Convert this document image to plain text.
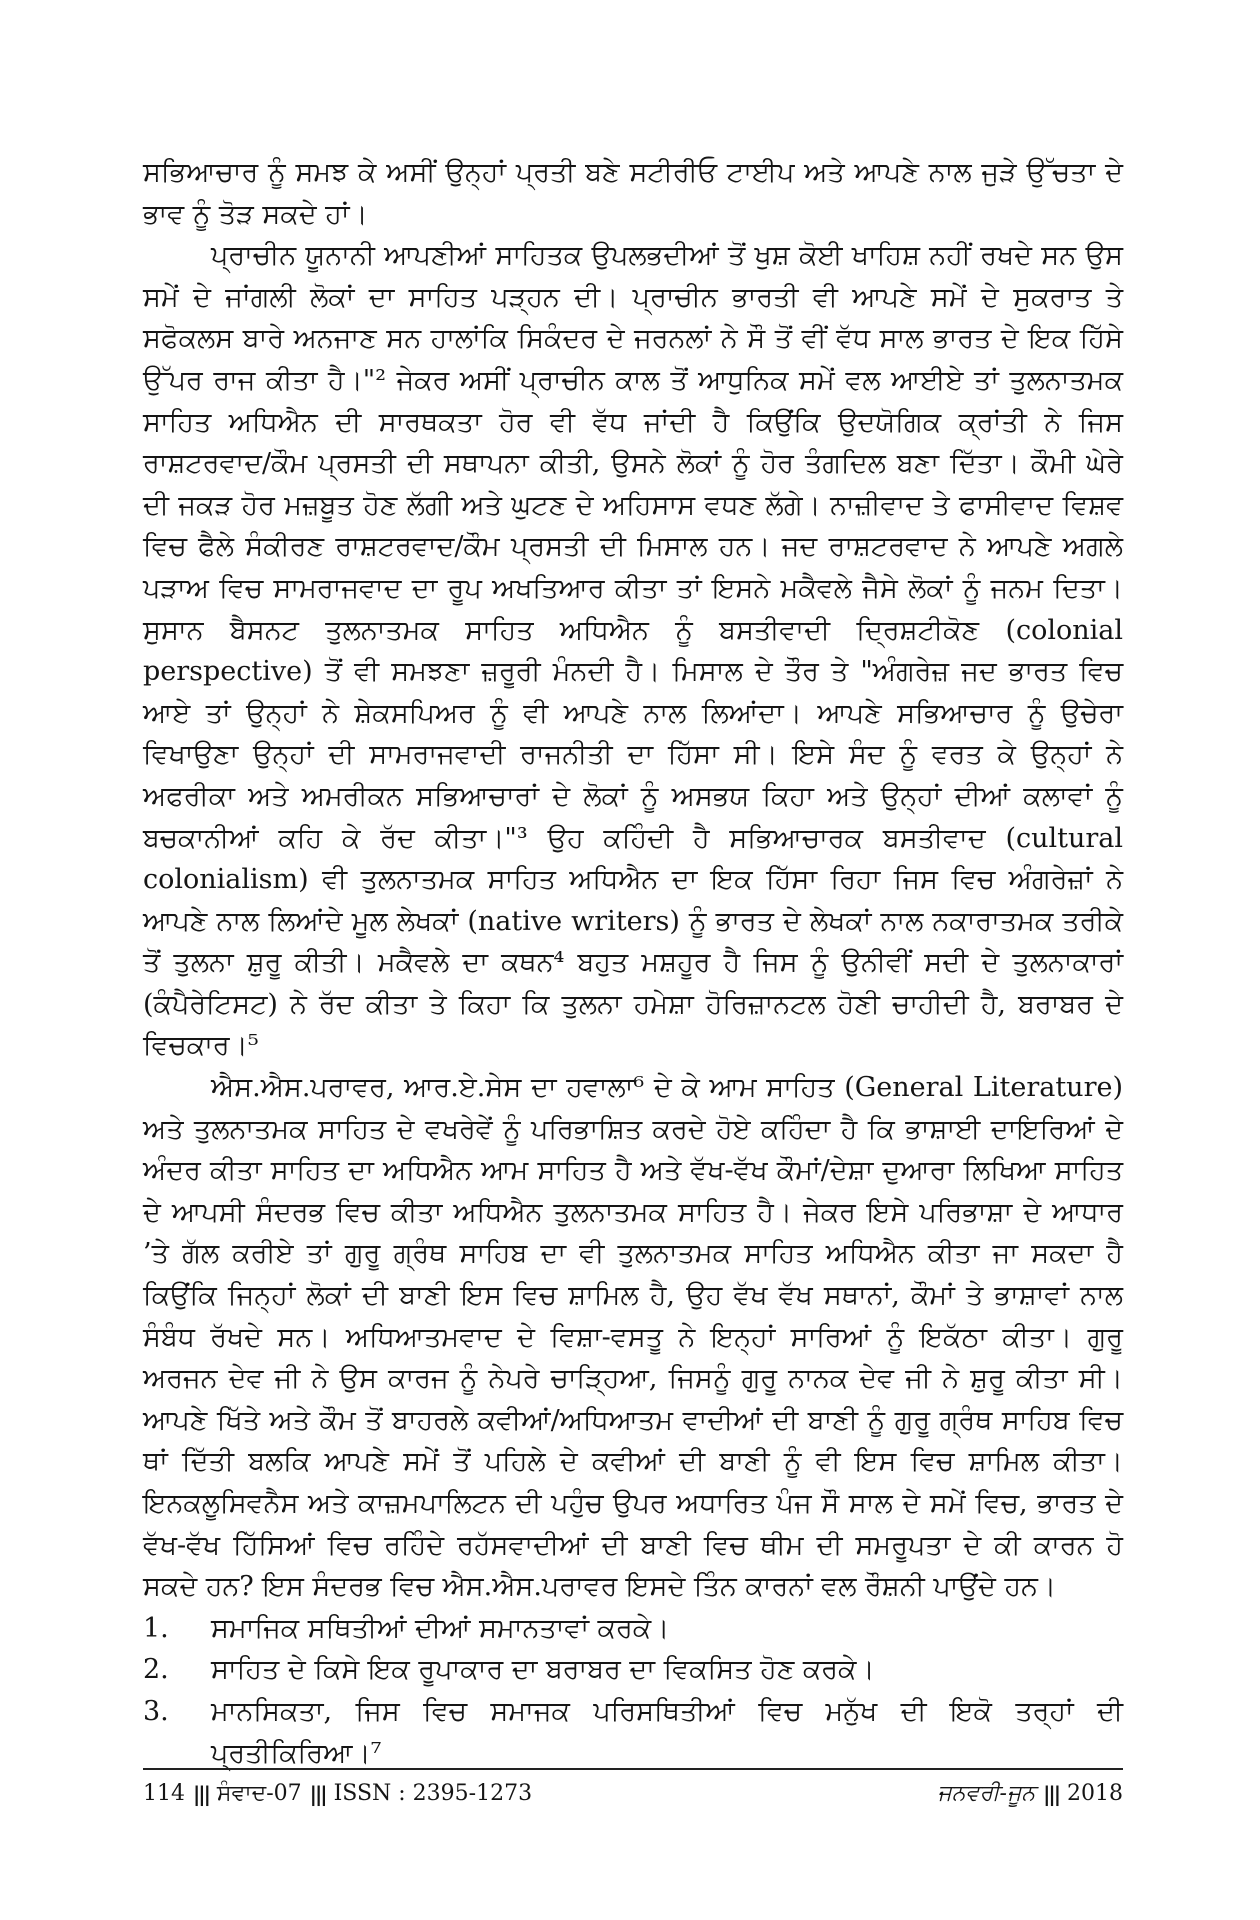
ਸਭਿਆਚਾਰ ਨੂੰ ਸਮਝ ਕੇ ਅਸੀਂ ਉਨ੍ਹਾਂ ਪ੍ਰਤੀ ਬਣੇ ਸਟੀਰੀਓ ਟਾਈਪ ਅਤੇ ਆਪਣੇ ਨਾਲ ਜੁੜੇ ਉੱਚਤਾ ਦੇ ਭਾਵ ਨੂੰ ਤੋੜ ਸਕਦੇ ਹਾਂ।

ਪ੍ਰਾਚੀਨ ਯੂਨਾਨੀ ਆਪਣੀਆਂ ਸਾਹਿਤਕ ਉਪਲਭਦੀਆਂ ਤੋਂ ਖੁਸ਼ ਕੋਈ ਖਾਹਿਸ਼ ਨਹੀਂ ਰਖਦੇ ਸਨ ਉਸ ਸਮੇਂ ਦੇ ਜਾਂਗਲੀ ਲੋਕਾਂ ਦਾ ਸਾਹਿਤ ਪੜ੍ਹਨ ਦੀ। ਪ੍ਰਾਚੀਨ ਭਾਰਤੀ ਵੀ ਆਪਣੇ ਸਮੇਂ ਦੇ ਸੁਕਰਾਤ ਤੇ ਸਫੋਕਲਸ ਬਾਰੇ ਅਨਜਾਣ ਸਨ ਹਾਲਾਂਕਿ ਸਿਕੰਦਰ ਦੇ ਜਰਨਲਾਂ ਨੇ ਸੌ ਤੋਂ ਵੀਂ ਵੱਧ ਸਾਲ ਭਾਰਤ ਦੇ ਇਕ ਹਿੱਸੇ ਉੱਪਰ ਰਾਜ ਕੀਤਾ ਹੈ।"² ਜੇਕਰ ਅਸੀਂ ਪ੍ਰਾਚੀਨ ਕਾਲ ਤੋਂ ਆਧੁਨਿਕ ਸਮੇਂ ਵਲ ਆਈਏ ਤਾਂ ਤੁਲਨਾਤਮਕ ਸਾਹਿਤ ਅਧਿਐਨ ਦੀ ਸਾਰਥਕਤਾ ਹੋਰ ਵੀ ਵੱਧ ਜਾਂਦੀ ਹੈ ਕਿਉਂਕਿ ਉਦਯੋਗਿਕ ਕ੍ਰਾਂਤੀ ਨੇ ਜਿਸ ਰਾਸ਼ਟਰਵਾਦ/ਕੌਮ ਪ੍ਰਸਤੀ ਦੀ ਸਥਾਪਨਾ ਕੀਤੀ, ਉਸਨੇ ਲੋਕਾਂ ਨੂੰ ਹੋਰ ਤੰਗਦਿਲ ਬਣਾ ਦਿੱਤਾ। ਕੌਮੀ ਘੇਰੇ ਦੀ ਜਕੜ ਹੋਰ ਮਜ਼ਬੂਤ ਹੋਣ ਲੱਗੀ ਅਤੇ ਘੁਟਣ ਦੇ ਅਹਿਸਾਸ ਵਧਣ ਲੱਗੇ। ਨਾਜ਼ੀਵਾਦ ਤੇ ਫਾਸੀਵਾਦ ਵਿਸ਼ਵ ਵਿਚ ਫੈਲੇ ਸੰਕੀਰਣ ਰਾਸ਼ਟਰਵਾਦ/ਕੌਮ ਪ੍ਰਸਤੀ ਦੀ ਮਿਸਾਲ ਹਨ। ਜਦ ਰਾਸ਼ਟਰਵਾਦ ਨੇ ਆਪਣੇ ਅਗਲੇ ਪੜਾਅ ਵਿਚ ਸਾਮਰਾਜਵਾਦ ਦਾ ਰੂਪ ਅਖਤਿਆਰ ਕੀਤਾ ਤਾਂ ਇਸਨੇ ਮਕੈਵਲੇ ਜੈਸੇ ਲੋਕਾਂ ਨੂੰ ਜਨਮ ਦਿਤਾ। ਸੁਸਾਨ ਬੈਸਨਟ ਤੁਲਨਾਤਮਕ ਸਾਹਿਤ ਅਧਿਐਨ ਨੂੰ ਬਸਤੀਵਾਦੀ ਦ੍ਰਿਸ਼ਟੀਕੋਣ (colonial perspective) ਤੋਂ ਵੀ ਸਮਝਣਾ ਜ਼ਰੂਰੀ ਮੰਨਦੀ ਹੈ। ਮਿਸਾਲ ਦੇ ਤੌਰ ਤੇ "ਅੰਗਰੇਜ਼ ਜਦ ਭਾਰਤ ਵਿਚ ਆਏ ਤਾਂ ਉਨ੍ਹਾਂ ਨੇ ਸ਼ੇਕਸਪਿਅਰ ਨੂੰ ਵੀ ਆਪਣੇ ਨਾਲ ਲਿਆਂਦਾ। ਆਪਣੇ ਸਭਿਆਚਾਰ ਨੂੰ ਉਚੇਰਾ ਵਿਖਾਉਣਾ ਉਨ੍ਹਾਂ ਦੀ ਸਾਮਰਾਜਵਾਦੀ ਰਾਜਨੀਤੀ ਦਾ ਹਿੱਸਾ ਸੀ। ਇਸੇ ਸੰਦ ਨੂੰ ਵਰਤ ਕੇ ਉਨ੍ਹਾਂ ਨੇ ਅਫਰੀਕਾ ਅਤੇ ਅਮਰੀਕਨ ਸਭਿਆਚਾਰਾਂ ਦੇ ਲੋਕਾਂ ਨੂੰ ਅਸਭਯ ਕਿਹਾ ਅਤੇ ਉਨ੍ਹਾਂ ਦੀਆਂ ਕਲਾਵਾਂ ਨੂੰ ਬਚਕਾਨੀਆਂ ਕਹਿ ਕੇ ਰੱਦ ਕੀਤਾ।"³ ਉਹ ਕਹਿੰਦੀ ਹੈ ਸਭਿਆਚਾਰਕ ਬਸਤੀਵਾਦ (cultural colonialism) ਵੀ ਤੁਲਨਾਤਮਕ ਸਾਹਿਤ ਅਧਿਐਨ ਦਾ ਇਕ ਹਿੱਸਾ ਰਿਹਾ ਜਿਸ ਵਿਚ ਅੰਗਰੇਜ਼ਾਂ ਨੇ ਆਪਣੇ ਨਾਲ ਲਿਆਂਦੇ ਮੂਲ ਲੇਖਕਾਂ (native writers) ਨੂੰ ਭਾਰਤ ਦੇ ਲੇਖਕਾਂ ਨਾਲ ਨਕਾਰਾਤਮਕ ਤਰੀਕੇ ਤੋਂ ਤੁਲਨਾ ਸ਼ੁਰੂ ਕੀਤੀ। ਮਕੈਵਲੇ ਦਾ ਕਥਨ⁴ ਬਹੁਤ ਮਸ਼ਹੂਰ ਹੈ ਜਿਸ ਨੂੰ ਉਨੀਵੀਂ ਸਦੀ ਦੇ ਤੁਲਨਾਕਾਰਾਂ (ਕੰਪੈਰੇਟਿਸਟ) ਨੇ ਰੱਦ ਕੀਤਾ ਤੇ ਕਿਹਾ ਕਿ ਤੁਲਨਾ ਹਮੇਸ਼ਾ ਹੋਰਿਜ਼ਾਨਟਲ ਹੋਣੀ ਚਾਹੀਦੀ ਹੈ, ਬਰਾਬਰ ਦੇ ਵਿਚਕਾਰ।⁵

ਐਸ.ਐਸ.ਪਰਾਵਰ, ਆਰ.ਏ.ਸੇਸ ਦਾ ਹਵਾਲਾ⁶ ਦੇ ਕੇ ਆਮ ਸਾਹਿਤ (General Literature) ਅਤੇ ਤੁਲਨਾਤਮਕ ਸਾਹਿਤ ਦੇ ਵਖਰੇਵੇਂ ਨੂੰ ਪਰਿਭਾਸ਼ਿਤ ਕਰਦੇ ਹੋਏ ਕਹਿੰਦਾ ਹੈ ਕਿ ਭਾਸ਼ਾਈ ਦਾਇਰਿਆਂ ਦੇ ਅੰਦਰ ਕੀਤਾ ਸਾਹਿਤ ਦਾ ਅਧਿਐਨ ਆਮ ਸਾਹਿਤ ਹੈ ਅਤੇ ਵੱਖ-ਵੱਖ ਕੌਮਾਂ/ਦੇਸ਼ਾ ਦੁਆਰਾ ਲਿਖਿਆ ਸਾਹਿਤ ਦੇ ਆਪਸੀ ਸੰਦਰਭ ਵਿਚ ਕੀਤਾ ਅਧਿਐਨ ਤੁਲਨਾਤਮਕ ਸਾਹਿਤ ਹੈ। ਜੇਕਰ ਇਸੇ ਪਰਿਭਾਸ਼ਾ ਦੇ ਆਧਾਰ ’ਤੇ ਗੱਲ ਕਰੀਏ ਤਾਂ ਗੁਰੂ ਗ੍ਰੰਥ ਸਾਹਿਬ ਦਾ ਵੀ ਤੁਲਨਾਤਮਕ ਸਾਹਿਤ ਅਧਿਐਨ ਕੀਤਾ ਜਾ ਸਕਦਾ ਹੈ ਕਿਉਂਕਿ ਜਿਨ੍ਹਾਂ ਲੋਕਾਂ ਦੀ ਬਾਣੀ ਇਸ ਵਿਚ ਸ਼ਾਮਿਲ ਹੈ, ਉਹ ਵੱਖ ਵੱਖ ਸਥਾਨਾਂ, ਕੌਮਾਂ ਤੇ ਭਾਸ਼ਾਵਾਂ ਨਾਲ ਸੰਬੰਧ ਰੱਖਦੇ ਸਨ। ਅਧਿਆਤਮਵਾਦ ਦੇ ਵਿਸ਼ਾ-ਵਸਤੂ ਨੇ ਇਨ੍ਹਾਂ ਸਾਰਿਆਂ ਨੂੰ ਇਕੱਠਾ ਕੀਤਾ। ਗੁਰੂ ਅਰਜਨ ਦੇਵ ਜੀ ਨੇ ਉਸ ਕਾਰਜ ਨੂੰ ਨੇਪਰੇ ਚਾੜ੍ਹਿਆ, ਜਿਸਨੂੰ ਗੁਰੂ ਨਾਨਕ ਦੇਵ ਜੀ ਨੇ ਸ਼ੁਰੂ ਕੀਤਾ ਸੀ। ਆਪਣੇ ਖਿੱਤੇ ਅਤੇ ਕੌਮ ਤੋਂ ਬਾਹਰਲੇ ਕਵੀਆਂ/ਅਧਿਆਤਮ ਵਾਦੀਆਂ ਦੀ ਬਾਣੀ ਨੂੰ ਗੁਰੂ ਗ੍ਰੰਥ ਸਾਹਿਬ ਵਿਚ ਥਾਂ ਦਿੱਤੀ ਬਲਕਿ ਆਪਣੇ ਸਮੇਂ ਤੋਂ ਪਹਿਲੇ ਦੇ ਕਵੀਆਂ ਦੀ ਬਾਣੀ ਨੂੰ ਵੀ ਇਸ ਵਿਚ ਸ਼ਾਮਿਲ ਕੀਤਾ। ਇਨਕਲੂਸਿਵਨੈਸ ਅਤੇ ਕਾਜ਼ਮਪਾਲਿਟਨ ਦੀ ਪਹੁੰਚ ਉਪਰ ਅਧਾਰਿਤ ਪੰਜ ਸੌ ਸਾਲ ਦੇ ਸਮੇਂ ਵਿਚ, ਭਾਰਤ ਦੇ ਵੱਖ-ਵੱਖ ਹਿੱਸਿਆਂ ਵਿਚ ਰਹਿੰਦੇ ਰਹੱਸਵਾਦੀਆਂ ਦੀ ਬਾਣੀ ਵਿਚ ਥੀਮ ਦੀ ਸਮਰੂਪਤਾ ਦੇ ਕੀ ਕਾਰਨ ਹੋ ਸਕਦੇ ਹਨ? ਇਸ ਸੰਦਰਭ ਵਿਚ ਐਸ.ਐਸ.ਪਰਾਵਰ ਇਸਦੇ ਤਿੰਨ ਕਾਰਨਾਂ ਵਲ ਰੌਸ਼ਨੀ ਪਾਉਂਦੇ ਹਨ।

1.	ਸਮਾਜਿਕ ਸਥਿਤੀਆਂ ਦੀਆਂ ਸਮਾਨਤਾਵਾਂ ਕਰਕੇ।
2.	ਸਾਹਿਤ ਦੇ ਕਿਸੇ ਇਕ ਰੂਪਾਕਾਰ ਦਾ ਬਰਾਬਰ ਦਾ ਵਿਕਸਿਤ ਹੋਣ ਕਰਕੇ।
3.	ਮਾਨਸਿਕਤਾ, ਜਿਸ ਵਿਚ ਸਮਾਜਕ ਪਰਿਸਥਿਤੀਆਂ ਵਿਚ ਮਨੁੱਖ ਦੀ ਇਕੋ ਤਰ੍ਹਾਂ ਦੀ ਪ੍ਰਤੀਕਿਰਿਆ।⁷
114 ||| ਸੰਵਾਦ-07 ||| ISSN : 2395-1273	ਜਨਵਰੀ-ਜੂਨ ||| 2018
